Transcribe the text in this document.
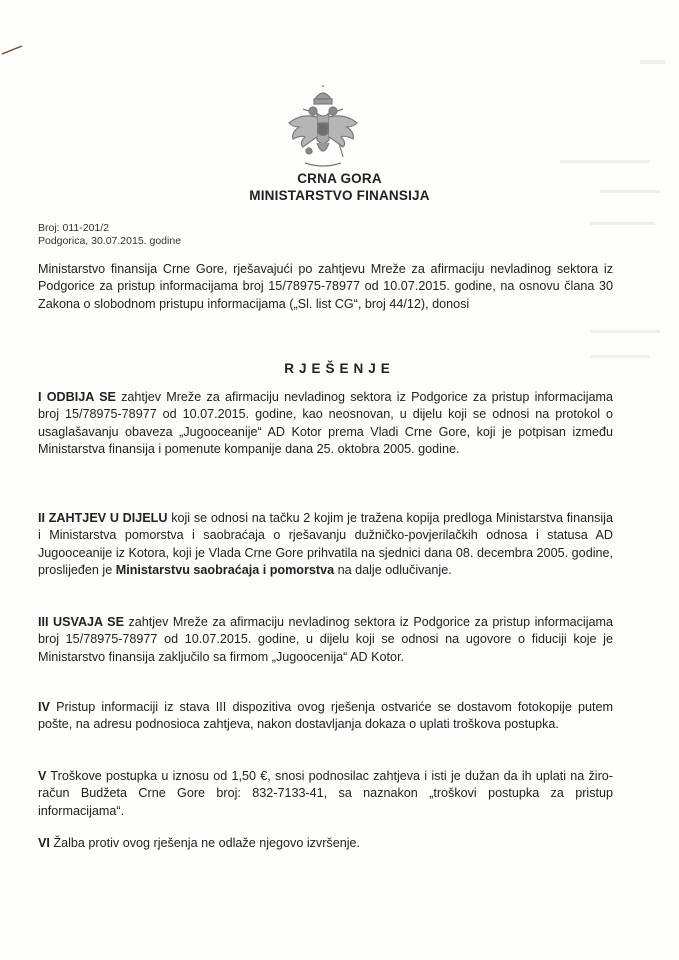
CRNA GORA
MINISTARSTVO FINANSIJA
Broj: 011-201/2
Podgorica, 30.07.2015. godine

Ministarstvo finansija Crne Gore, rješavajući po zahtjevu Mreže za afirmaciju nevladinog sektora iz Podgorice za pristup informacijama broj 15/78975-78977 od 10.07.2015. godine, na osnovu člana 30 Zakona o slobodnom pristupu informacijama („Sl. list CG“, broj 44/12), donosi

RJEŠENJE

I ODBIJA SE zahtjev Mreže za afirmaciju nevladinog sektora iz Podgorice za pristup informacijama broj 15/78975-78977 od 10.07.2015. godine, kao neosnovan, u dijelu koji se odnosi na protokol o usaglašavanju obaveza „Jugooceanije“ AD Kotor prema Vladi Crne Gore, koji je potpisan između Ministarstva finansija i pomenute kompanije dana 25. oktobra 2005. godine.

II ZAHTJEV U DIJELU koji se odnosi na tačku 2 kojim je tražena kopija predloga Ministarstva finansija i Ministarstva pomorstva i saobraćaja o rješavanju dužničko-povjerilačkih odnosa i statusa AD Jugooceanije iz Kotora, koji je Vlada Crne Gore prihvatila na sjednici dana 08. decembra 2005. godine, proslijeđen je Ministarstvu saobraćaja i pomorstva na dalje odlučivanje.

III USVAJA SE zahtjev Mreže za afirmaciju nevladinog sektora iz Podgorice za pristup informacijama broj 15/78975-78977 od 10.07.2015. godine, u dijelu koji se odnosi na ugovore o fiduciji koje je Ministarstvo finansija zaključilo sa firmom „Jugoocenija“ AD Kotor.

IV Pristup informaciji iz stava III dispozitiva ovog rješenja ostvariće se dostavom fotokopije putem pošte, na adresu podnosioca zahtjeva, nakon dostavljanja dokaza o uplati troškova postupka.

V Troškove postupka u iznosu od 1,50 €, snosi podnosilac zahtjeva i isti je dužan da ih uplati na žiro-račun Budžeta Crne Gore broj: 832-7133-41, sa naznakon „troškovi postupka za pristup informacijama“.

VI Žalba protiv ovog rješenja ne odlaže njegovo izvršenje.
